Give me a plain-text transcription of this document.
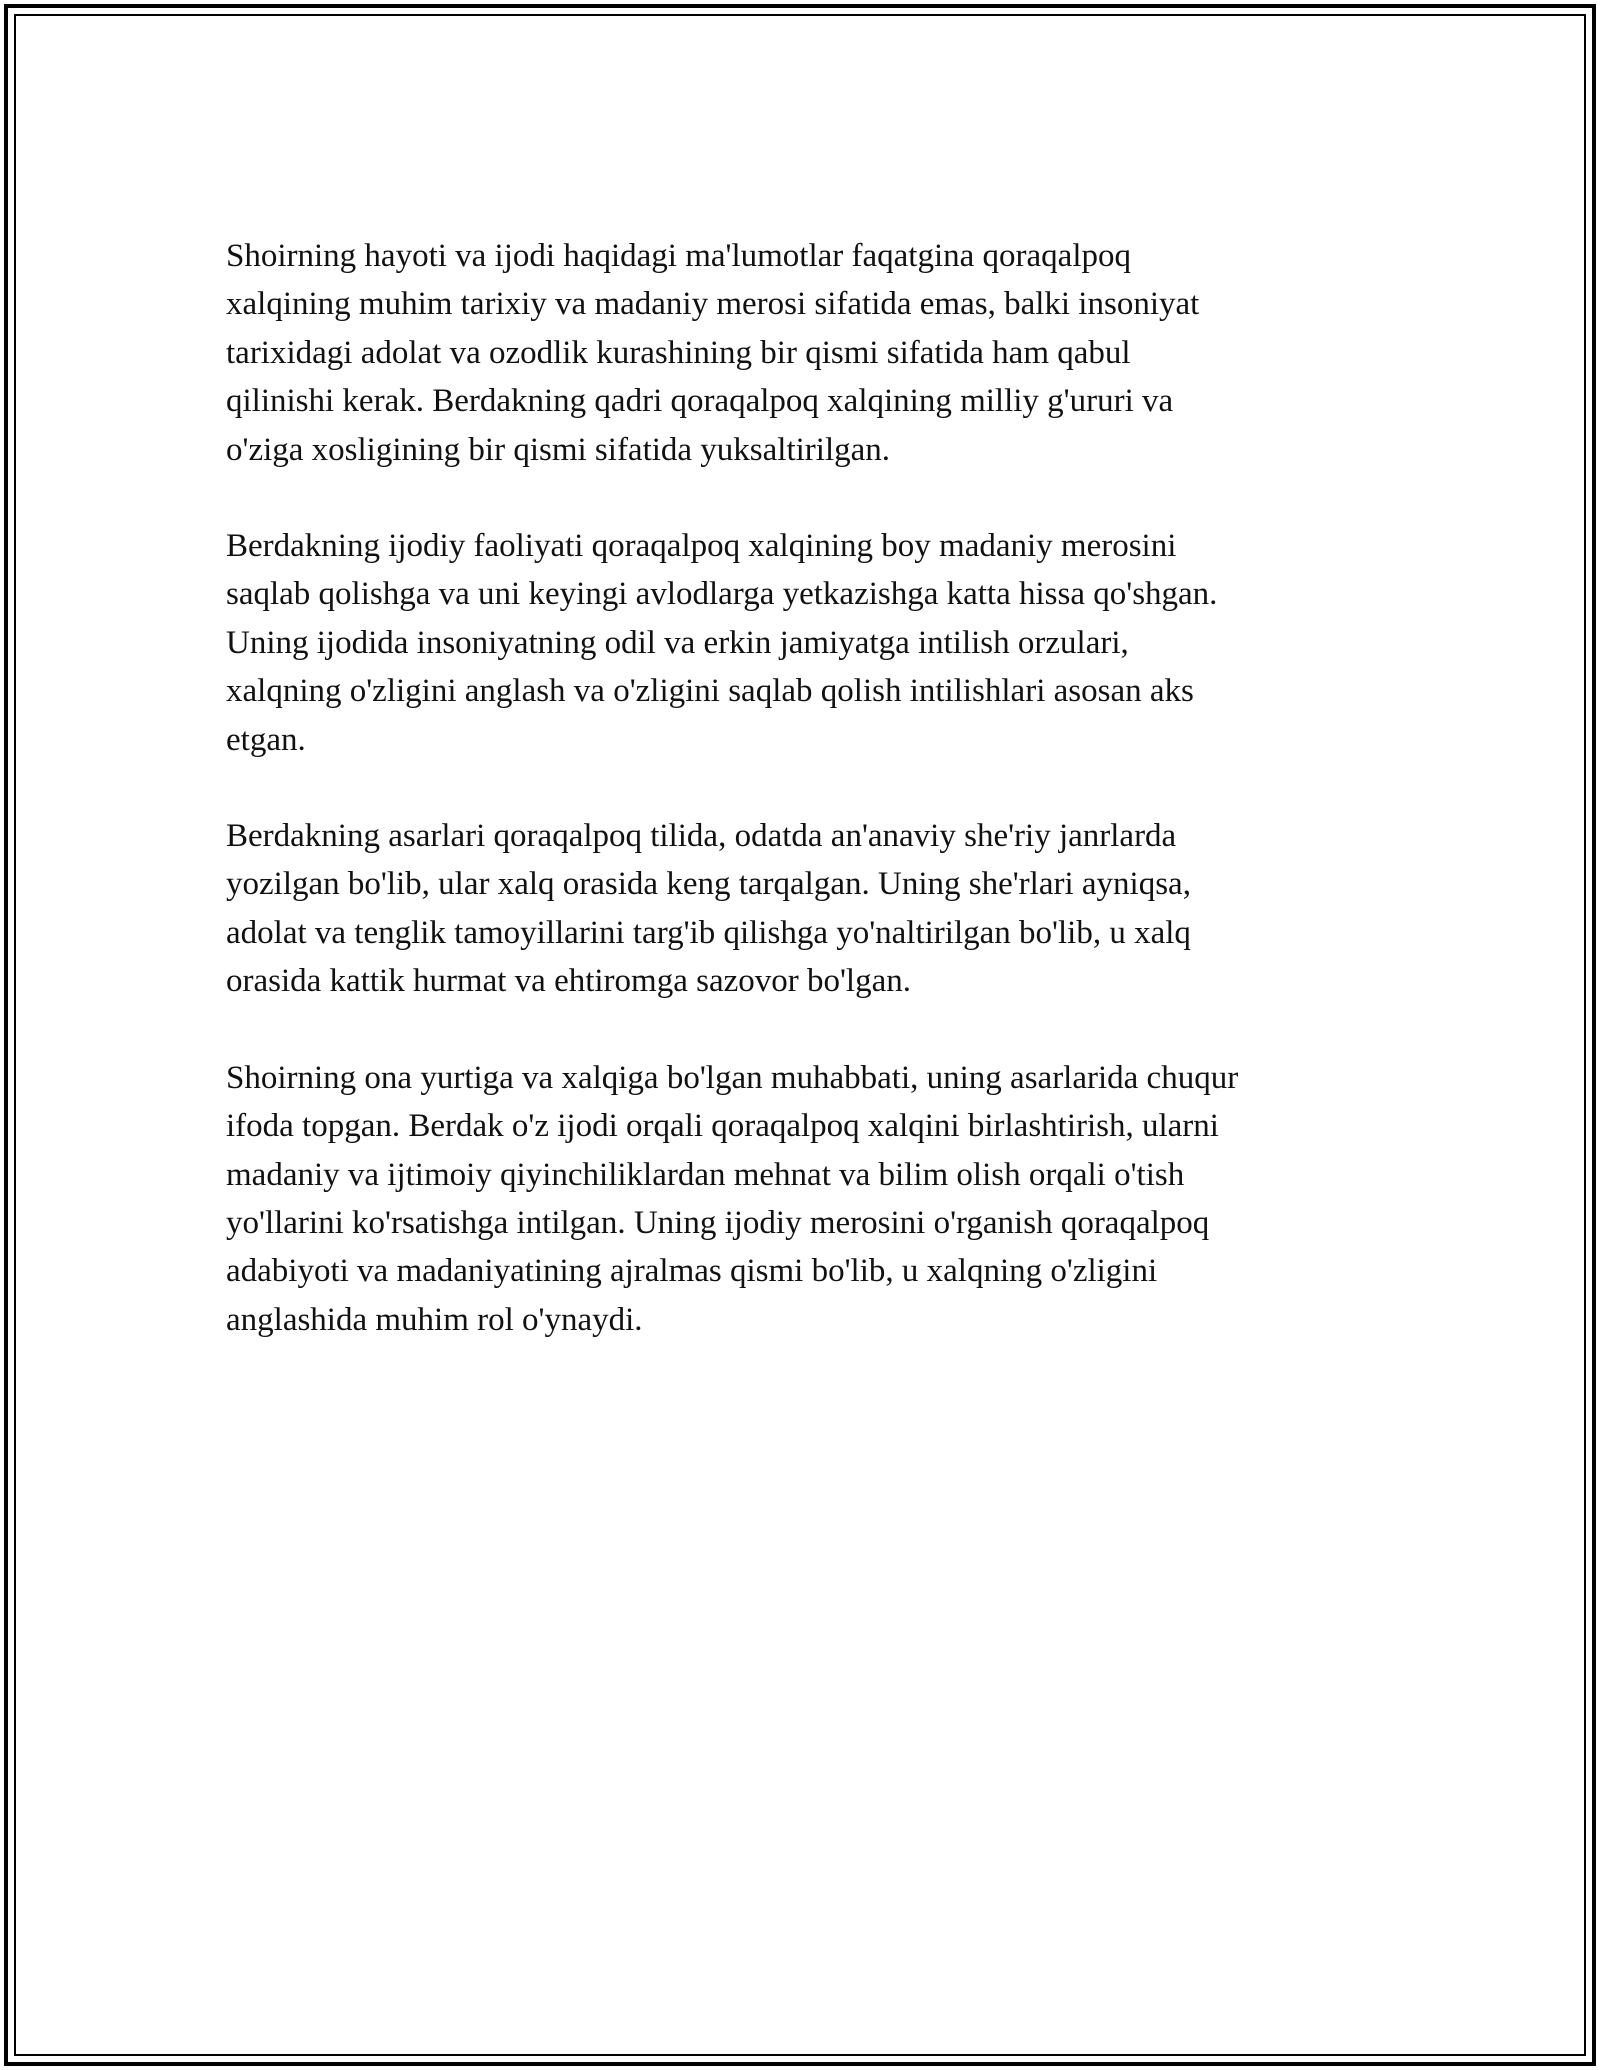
Shoirning hayoti va ijodi haqidagi ma'lumotlar faqatgina qoraqalpoq
xalqining muhim tarixiy va madaniy merosi sifatida emas, balki insoniyat
tarixidagi adolat va ozodlik kurashining bir qismi sifatida ham qabul
qilinishi kerak. Berdakning qadri qoraqalpoq xalqining milliy g'ururi va
o'ziga xosligining bir qismi sifatida yuksaltirilgan.

Berdakning ijodiy faoliyati qoraqalpoq xalqining boy madaniy merosini
saqlab qolishga va uni keyingi avlodlarga yetkazishga katta hissa qo'shgan.
Uning ijodida insoniyatning odil va erkin jamiyatga intilish orzulari,
xalqning o'zligini anglash va o'zligini saqlab qolish intilishlari asosan aks
etgan.

Berdakning asarlari qoraqalpoq tilida, odatda an'anaviy she'riy janrlarda
yozilgan bo'lib, ular xalq orasida keng tarqalgan. Uning she'rlari ayniqsa,
adolat va tenglik tamoyillarini targ'ib qilishga yo'naltirilgan bo'lib, u xalq
orasida kattik hurmat va ehtiromga sazovor bo'lgan.

Shoirning ona yurtiga va xalqiga bo'lgan muhabbati, uning asarlarida chuqur
ifoda topgan. Berdak o'z ijodi orqali qoraqalpoq xalqini birlashtirish, ularni
madaniy va ijtimoiy qiyinchiliklardan mehnat va bilim olish orqali o'tish
yo'llarini ko'rsatishga intilgan. Uning ijodiy merosini o'rganish qoraqalpoq
adabiyoti va madaniyatining ajralmas qismi bo'lib, u xalqning o'zligini
anglashida muhim rol o'ynaydi.
